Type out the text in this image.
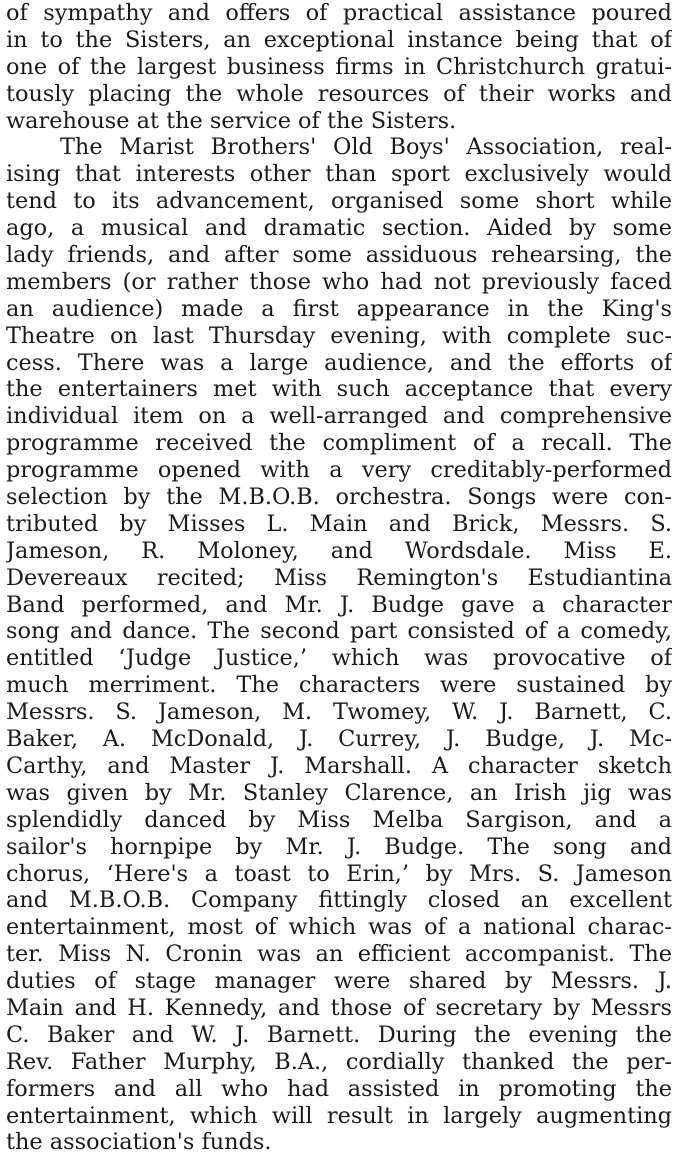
of sympathy and offers of practical assistance poured
in to the Sisters, an exceptional instance being that of
one of the largest business firms in Christchurch gratui-
tously placing the whole resources of their works and
warehouse at the service of the Sisters.
The Marist Brothers' Old Boys' Association, real-
ising that interests other than sport exclusively would
tend to its advancement, organised some short while
ago, a musical and dramatic section. Aided by some
lady friends, and after some assiduous rehearsing, the
members (or rather those who had not previously faced
an audience) made a first appearance in the King's
Theatre on last Thursday evening, with complete suc-
cess. There was a large audience, and the efforts of
the entertainers met with such acceptance that every
individual item on a well-arranged and comprehensive
programme received the compliment of a recall. The
programme opened with a very creditably-performed
selection by the M.B.O.B. orchestra. Songs were con-
tributed by Misses L. Main and Brick, Messrs. S.
Jameson, R. Moloney, and Wordsdale. Miss E.
Devereaux recited; Miss Remington's Estudiantina
Band performed, and Mr. J. Budge gave a character
song and dance. The second part consisted of a comedy,
entitled ‘Judge Justice,’ which was provocative of
much merriment. The characters were sustained by
Messrs. S. Jameson, M. Twomey, W. J. Barnett, C.
Baker, A. McDonald, J. Currey, J. Budge, J. Mc-
Carthy, and Master J. Marshall. A character sketch
was given by Mr. Stanley Clarence, an Irish jig was
splendidly danced by Miss Melba Sargison, and a
sailor's hornpipe by Mr. J. Budge. The song and
chorus, ‘Here's a toast to Erin,’ by Mrs. S. Jameson
and M.B.O.B. Company fittingly closed an excellent
entertainment, most of which was of a national charac-
ter. Miss N. Cronin was an efficient accompanist. The
duties of stage manager were shared by Messrs. J.
Main and H. Kennedy, and those of secretary by Messrs
C. Baker and W. J. Barnett. During the evening the
Rev. Father Murphy, B.A., cordially thanked the per-
formers and all who had assisted in promoting the
entertainment, which will result in largely augmenting
the association's funds.
